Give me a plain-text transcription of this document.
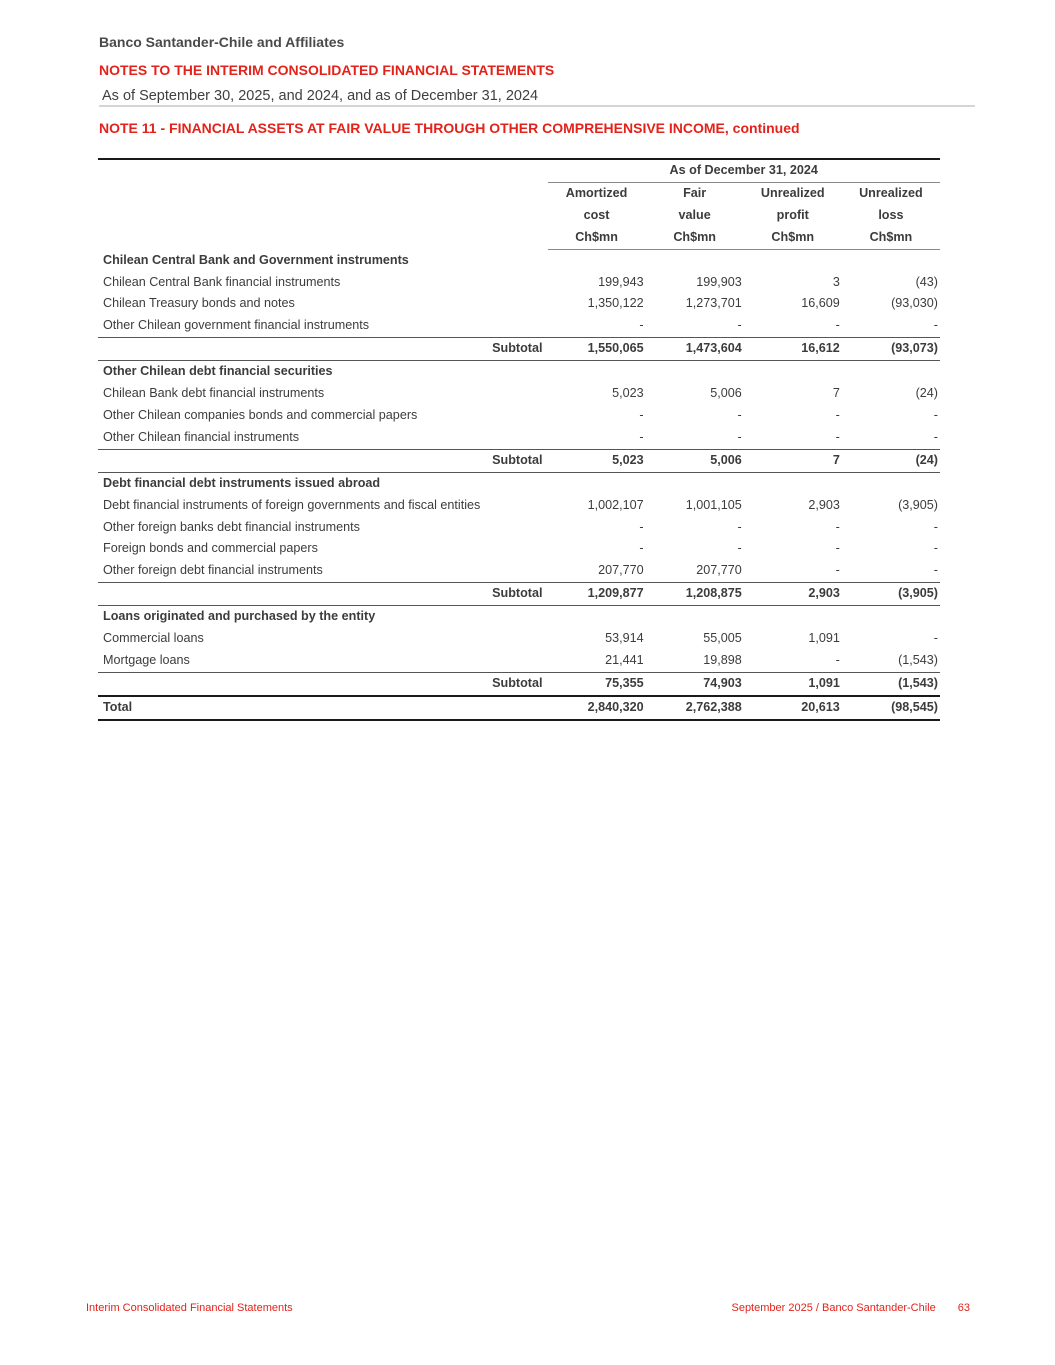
Banco Santander-Chile and Affiliates
NOTES TO THE INTERIM CONSOLIDATED FINANCIAL STATEMENTS
As of September 30, 2025, and 2024, and as of December 31, 2024
NOTE 11 - FINANCIAL ASSETS AT FAIR VALUE THROUGH OTHER COMPREHENSIVE INCOME, continued
	As of December 31, 2024			
	Amortized	Fair	Unrealized	Unrealized
	cost	value	profit	loss
	Ch$mn	Ch$mn	Ch$mn	Ch$mn
Chilean Central Bank and Government instruments				
Chilean Central Bank financial instruments	199,943	199,903	3	(43)
Chilean Treasury bonds and notes	1,350,122	1,273,701	16,609	(93,030)
Other Chilean government financial instruments	-	-	-	-
Subtotal	1,550,065	1,473,604	16,612	(93,073)
Other Chilean debt financial securities				
Chilean Bank debt financial instruments	5,023	5,006	7	(24)
Other Chilean companies bonds and commercial papers	-	-	-	-
Other Chilean financial instruments	-	-	-	-
Subtotal	5,023	5,006	7	(24)
Debt financial debt instruments issued abroad				
Debt financial instruments of foreign governments and fiscal entities	1,002,107	1,001,105	2,903	(3,905)
Other foreign banks debt financial instruments	-	-	-	-
Foreign bonds and commercial papers	-	-	-	-
Other foreign debt financial instruments	207,770	207,770	-	-
Subtotal	1,209,877	1,208,875	2,903	(3,905)
Loans originated and purchased by the entity				
Commercial loans	53,914	55,005	1,091	-
Mortgage loans	21,441	19,898	-	(1,543)
Subtotal	75,355	74,903	1,091	(1,543)
Total	2,840,320	2,762,388	20,613	(98,545)
Interim Consolidated Financial Statements	September 2025 / Banco Santander-Chile 63
